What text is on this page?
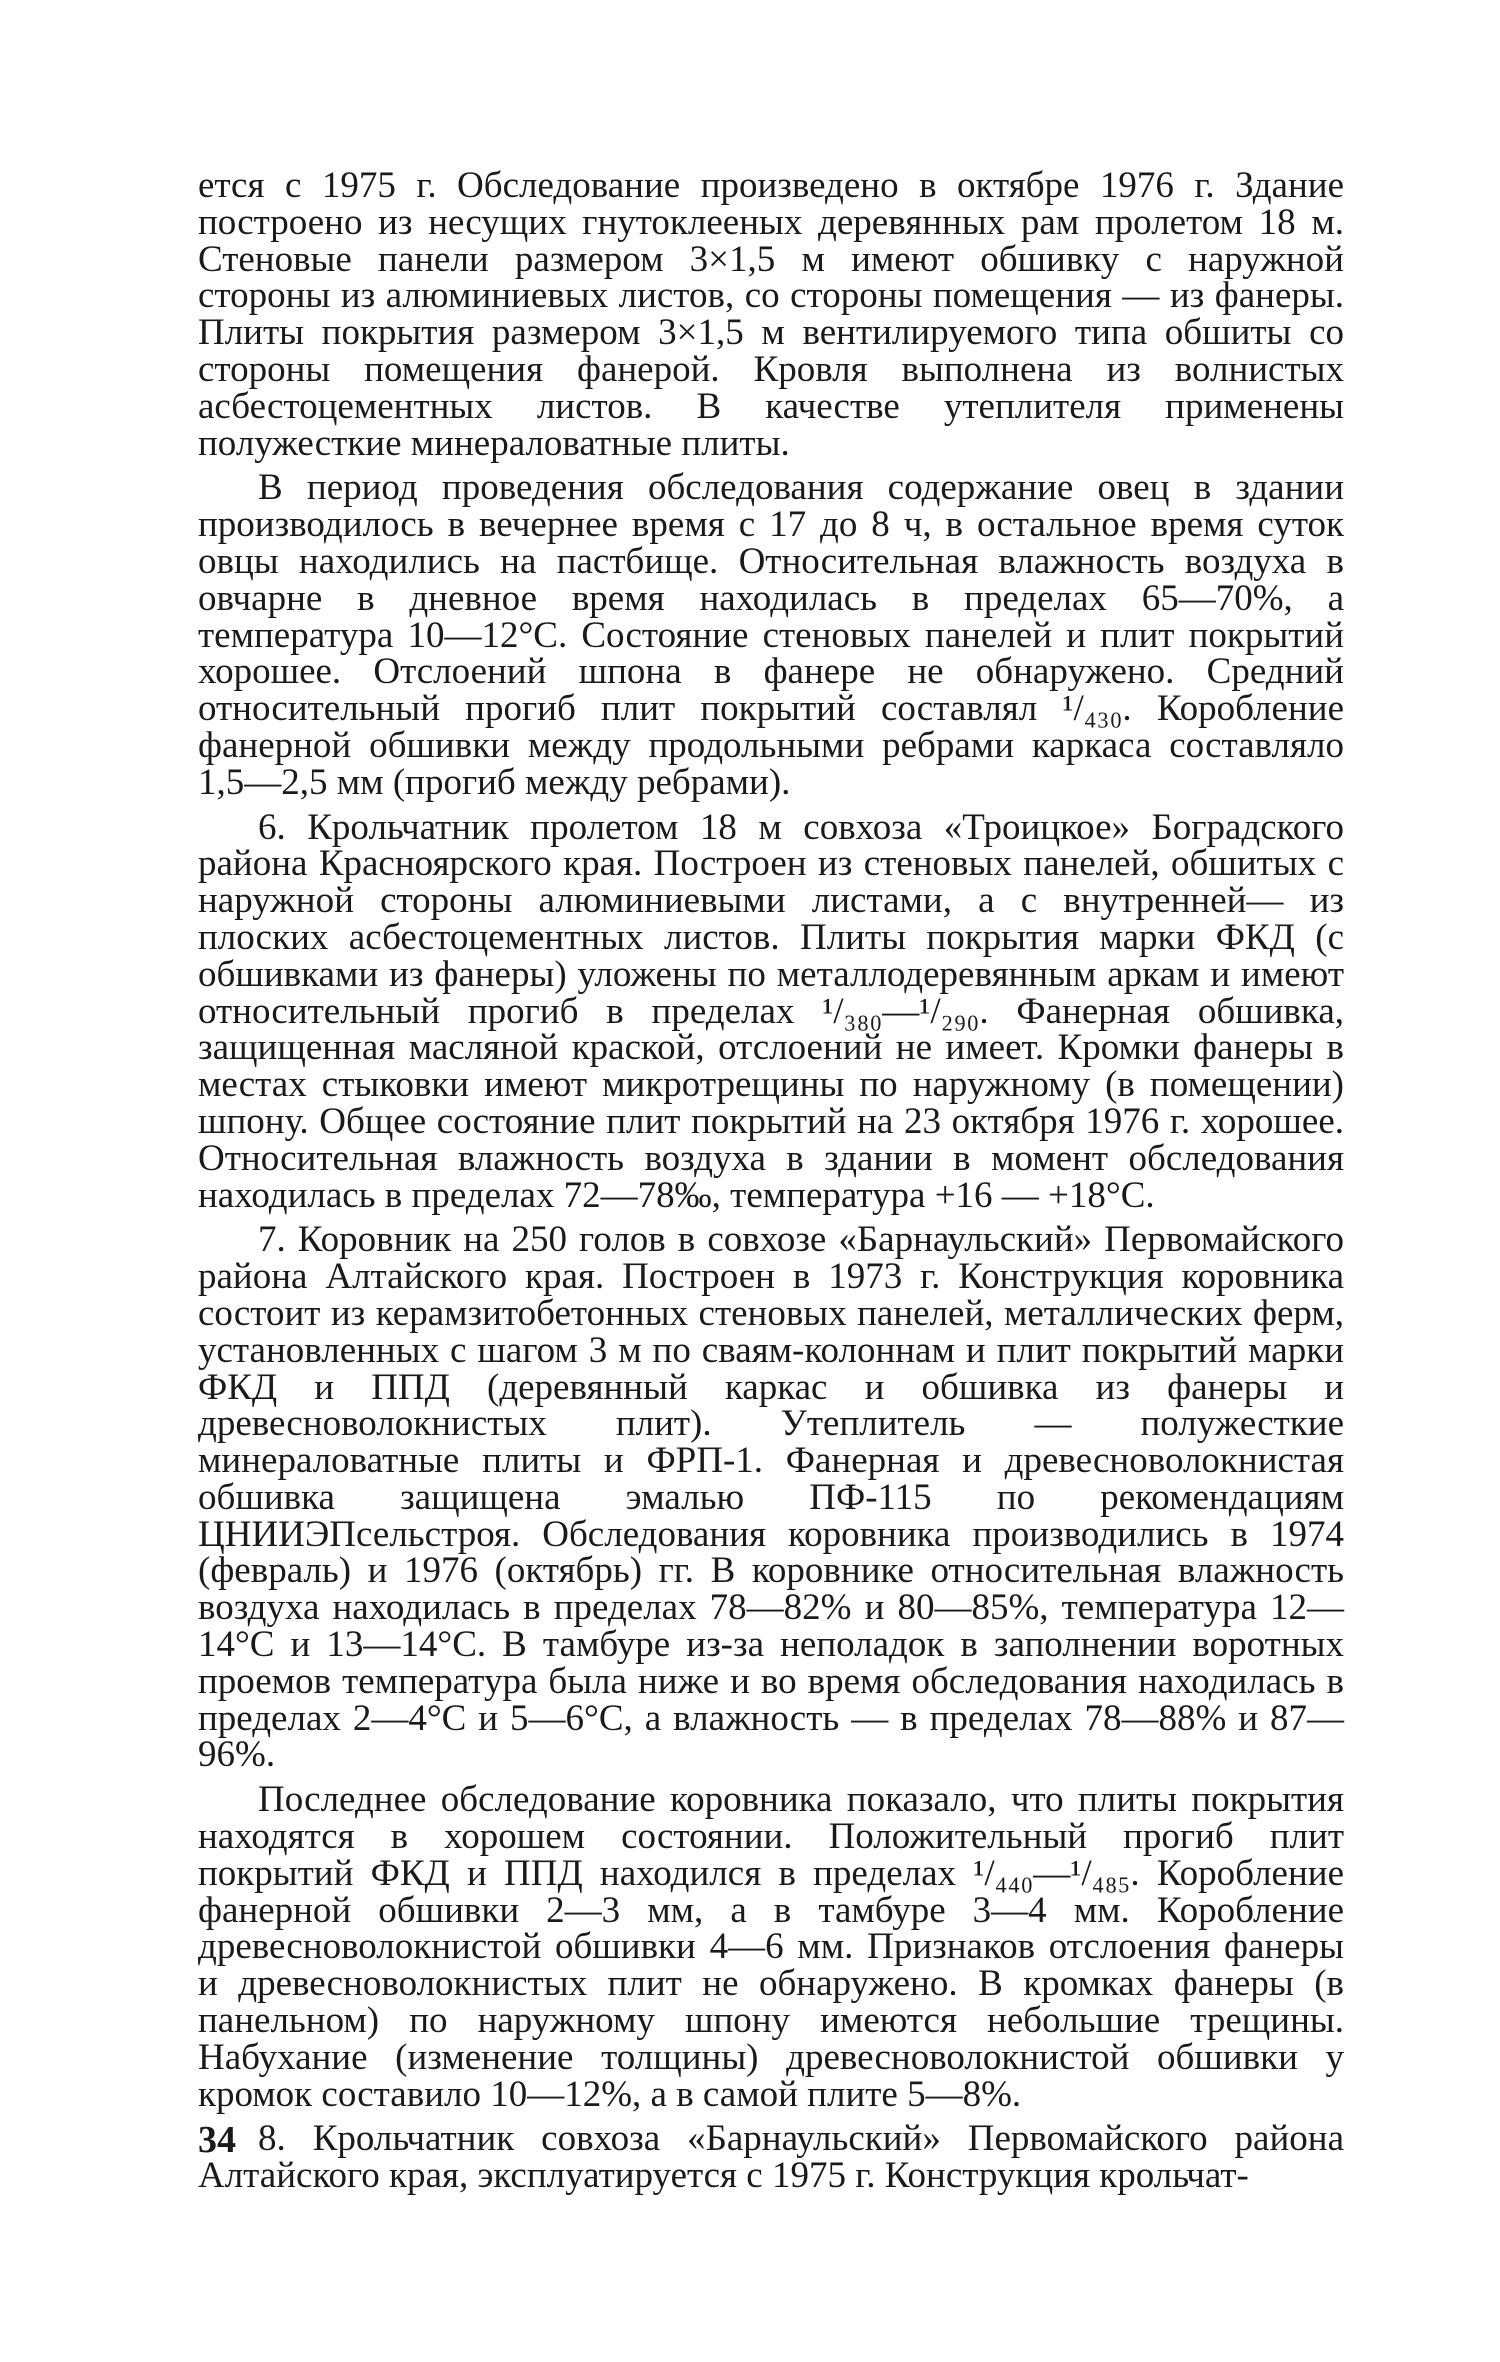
ется с 1975 г. Обследование произведено в октябре 1976 г. Здание построено из несущих гнутоклееных деревянных рам пролетом 18 м. Стеновые панели размером 3×1,5 м имеют обшивку с наружной стороны из алюминиевых листов, со стороны помещения — из фанеры. Плиты покрытия размером 3×1,5 м вентилируемого типа обшиты со стороны помещения фанерой. Кровля выполнена из волнистых асбестоцементных листов. В качестве утеплителя применены полужесткие минераловатные плиты.

В период проведения обследования содержание овец в здании производилось в вечернее время с 17 до 8 ч, в остальное время суток овцы находились на пастбище. Относительная влажность воздуха в овчарне в дневное время находилась в пределах 65—70%, а температура 10—12°С. Состояние стеновых панелей и плит покрытий хорошее. Отслоений шпона в фанере не обнаружено. Средний относительный прогиб плит покрытий составлял ¹/₄₃₀. Коробление фанерной обшивки между продольными ребрами каркаса составляло 1,5—2,5 мм (прогиб между ребрами).

6. Крольчатник пролетом 18 м совхоза «Троицкое» Боградского района Красноярского края. Построен из стеновых панелей, обшитых с наружной стороны алюминиевыми листами, а с внутренней— из плоских асбестоцементных листов. Плиты покрытия марки ФКД (с обшивками из фанеры) уложены по металлодеревянным аркам и имеют относительный прогиб в пределах ¹/₃₈₀—¹/₂₉₀. Фанерная обшивка, защищенная масляной краской, отслоений не имеет. Кромки фанеры в местах стыковки имеют микротрещины по наружному (в помещении) шпону. Общее состояние плит покрытий на 23 октября 1976 г. хорошее. Относительная влажность воздуха в здании в момент обследования находилась в пределах 72—78‰, температура +16 — +18°С.

7. Коровник на 250 голов в совхозе «Барнаульский» Первомайского района Алтайского края. Построен в 1973 г. Конструкция коровника состоит из керамзитобетонных стеновых панелей, металлических ферм, установленных с шагом 3 м по сваям-колоннам и плит покрытий марки ФКД и ППД (деревянный каркас и обшивка из фанеры и древесноволокнистых плит). Утеплитель — полужесткие минераловатные плиты и ФРП-1. Фанерная и древесноволокнистая обшивка защищена эмалью ПФ-115 по рекомендациям ЦНИИЭПсельстроя. Обследования коровника производились в 1974 (февраль) и 1976 (октябрь) гг. В коровнике относительная влажность воздуха находилась в пределах 78—82% и 80—85%, температура 12—14°С и 13—14°С. В тамбуре из-за неполадок в заполнении воротных проемов температура была ниже и во время обследования находилась в пределах 2—4°С и 5—6°С, а влажность — в пределах 78—88% и 87—96%.

Последнее обследование коровника показало, что плиты покрытия находятся в хорошем состоянии. Положительный прогиб плит покрытий ФКД и ППД находился в пределах ¹/₄₄₀—¹/₄₈₅. Коробление фанерной обшивки 2—3 мм, а в тамбуре 3—4 мм. Коробление древесноволокнистой обшивки 4—6 мм. Признаков отслоения фанеры и древесноволокнистых плит не обнаружено. В кромках фанеры (в панельном) по наружному шпону имеются небольшие трещины. Набухание (изменение толщины) древесноволокнистой обшивки у кромок составило 10—12%, а в самой плите 5—8%.

8. Крольчатник совхоза «Барнаульский» Первомайского района Алтайского края, эксплуатируется с 1975 г. Конструкция крольчат-

34
